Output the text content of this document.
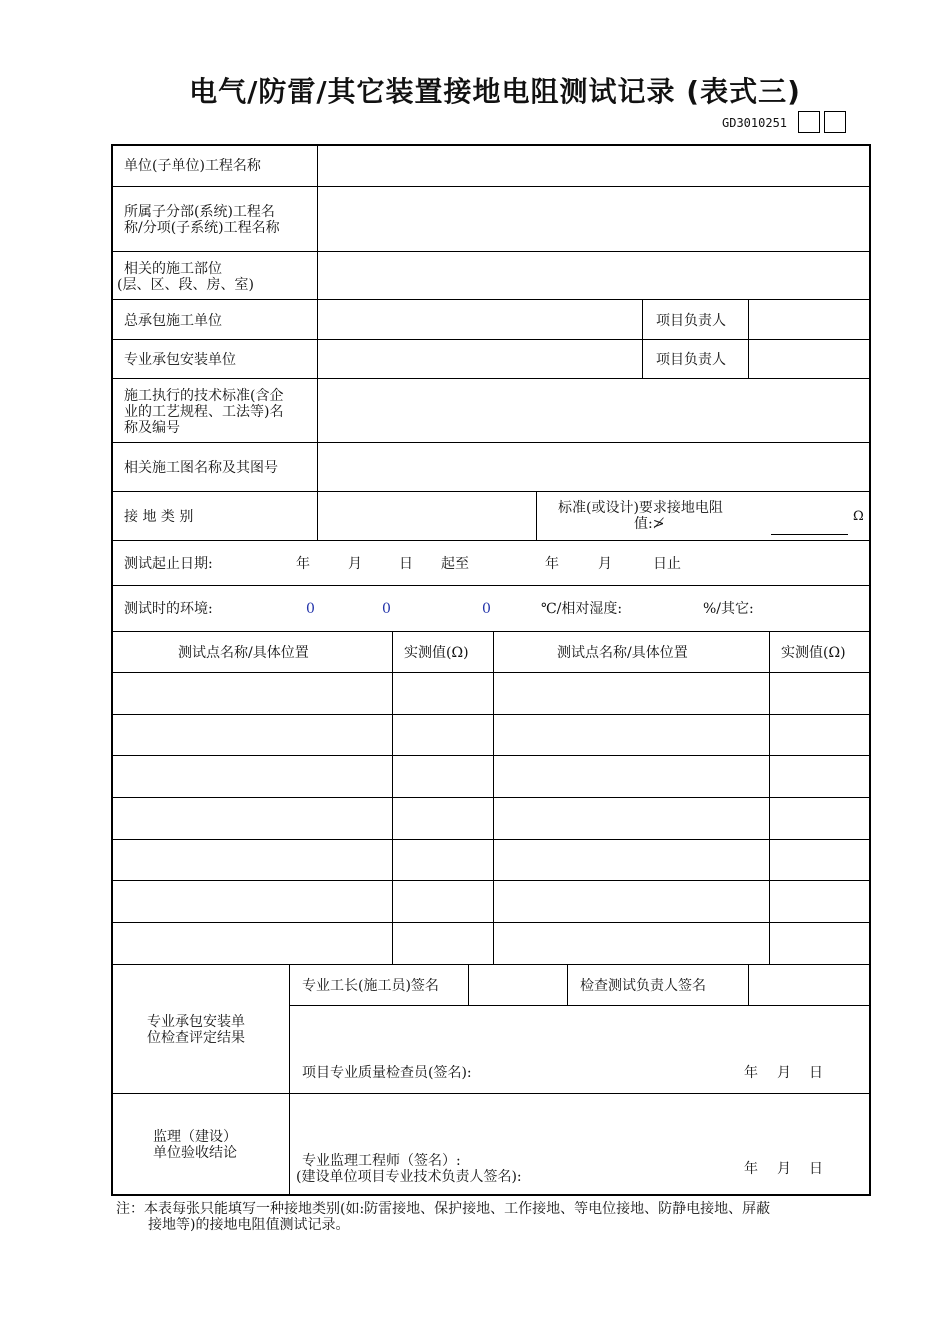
电气/防雷/其它装置接地电阻测试记录 (表式三)
GD3010251
单位(子单位)工程名称
所属子分部(系统)工程名
称/分项(子系统)工程名称
相关的施工部位
(层、区、段、房、室)
总承包施工单位	项目负责人
专业承包安装单位	项目负责人
施工执行的技术标准(含企
业的工艺规程、工法等)名
称及编号
相关施工图名称及其图号
接 地 类 别
标准(或设计)要求接地电阻
值:≯	Ω
测试起止日期:	年	月	日 起至	年	月	日止
测试时的环境:	0	0	0	℃/相对湿度:	%/其它:
测试点名称/具体位置	实测值(Ω)	测试点名称/具体位置	实测值(Ω)
专业承包安装单
位检查评定结果
专业工长(施工员)签名	检查测试负责人签名
项目专业质量检查员(签名):	年 月 日
监理（建设）
单位验收结论	专业监理工程师（签名）:
(建设单位项目专业技术负责人签名):	年 月 日
注：本表每张只能填写一种接地类别(如:防雷接地、保护接地、工作接地、等电位接地、防静电接地、屏蔽
接地等)的接地电阻值测试记录。
